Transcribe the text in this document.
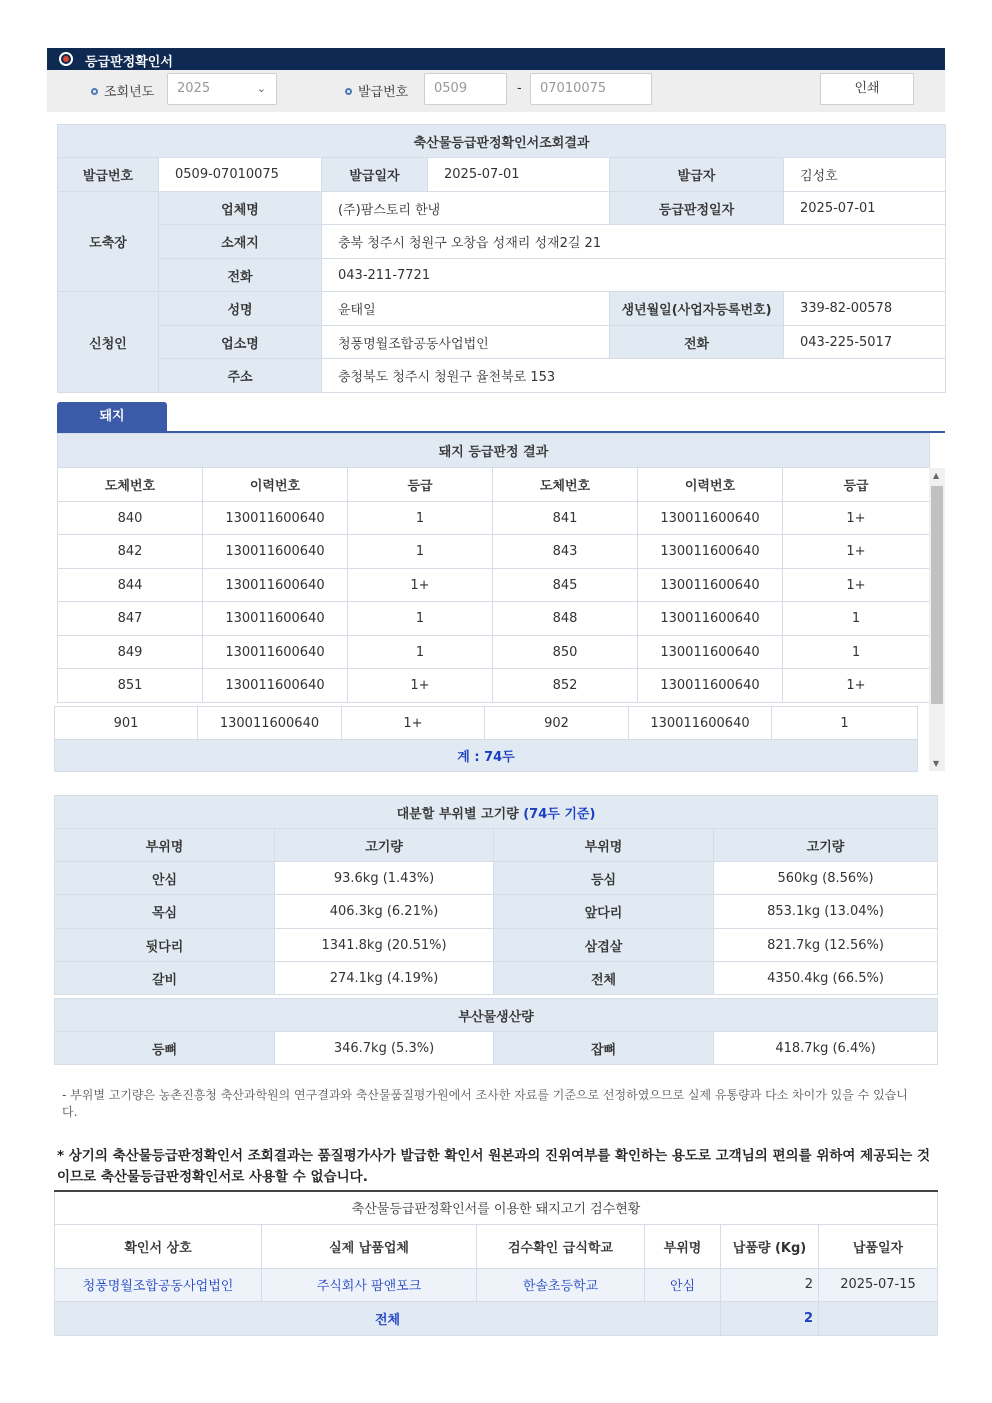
등급판정확인서
조회년도	2025	⌄	발급번호	0509	-	07010075	인쇄
축산물등급판정확인서조회결과					
발급번호	0509-07010075	발급일자	2025-07-01	발급자	김성호
도축장	업체명	(주)팜스토리 한냉		등급판정일자	2025-07-01
	소재지	충북 청주시 청원구 오창읍 성재리 성재2길 21			
	전화	043-211-7721			
신청인	성명	윤태일		생년월일(사업자등록번호)	339-82-00578
	업소명	청풍명월조합공동사업법인		전화	043-225-5017
	주소	충청북도 청주시 청원구 율천북로 153			
돼지
돼지 등급판정 결과					
도체번호	이력번호	등급	도체번호	이력번호	등급
840	130011600640	1	841	130011600640	1+
842	130011600640	1	843	130011600640	1+
844	130011600640	1+	845	130011600640	1+
847	130011600640	1	848	130011600640	1
849	130011600640	1	850	130011600640	1
851	130011600640	1+	852	130011600640	1+
▲
▼
901	130011600640	1+	902	130011600640	1
계 : 74두
대분할 부위별 고기량 (74두 기준)			
부위명	고기량	부위명	고기량
안심	93.6kg (1.43%)	등심	560kg (8.56%)
목심	406.3kg (6.21%)	앞다리	853.1kg (13.04%)
뒷다리	1341.8kg (20.51%)	삼겹살	821.7kg (12.56%)
갈비	274.1kg (4.19%)	전체	4350.4kg (66.5%)

부산물생산량			
등뼈	346.7kg (5.3%)	잡뼈	418.7kg (6.4%)
- 부위별 고기량은 농촌진흥청 축산과학원의 연구결과와 축산물품질평가원에서 조사한 자료를 기준으로 선정하였으므로 실제 유통량과 다소 차이가 있을 수 있습니다.
* 상기의 축산물등급판정확인서 조회결과는 품질평가사가 발급한 확인서 원본과의 진위여부를 확인하는 용도로 고객님의 편의를 위하여 제공되는 것이므로 축산물등급판정확인서로 사용할 수 없습니다.
축산물등급판정확인서를 이용한 돼지고기 검수현황					
확인서 상호	실제 납품업체	검수확인 급식학교	부위명	납품량 (Kg)	납품일자
청풍명월조합공동사업법인	주식회사 팜앤포크	한솔초등학교	안심	2	2025-07-15
전체				2	
